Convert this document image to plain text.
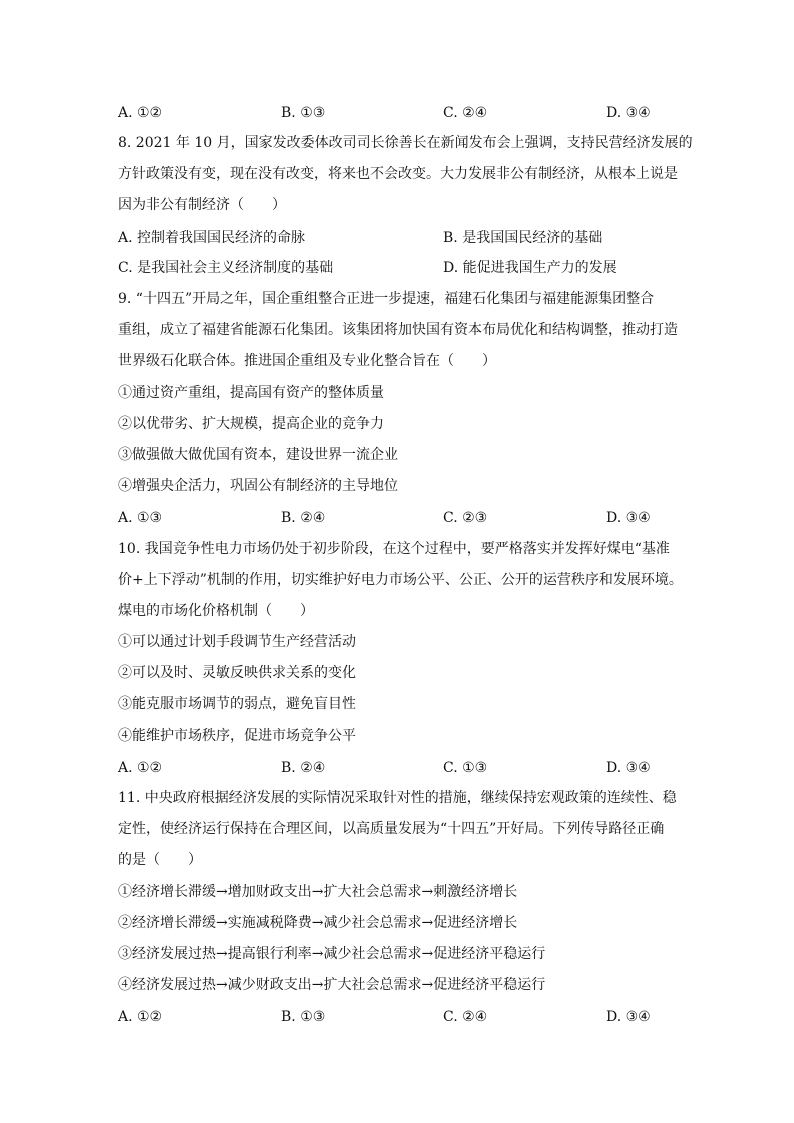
A. ①②	B. ①③	C. ②④	D. ③④
8. 2021 年 10 月，国家发改委体改司司长徐善长在新闻发布会上强调，支持民营经济发展的
方针政策没有变，现在没有改变，将来也不会改变。大力发展非公有制经济，从根本上说是
因为非公有制经济（　　）
A. 控制着我国国民经济的命脉	B. 是我国国民经济的基础
C. 是我国社会主义经济制度的基础	D. 能促进我国生产力的发展
9. “十四五”开局之年，国企重组整合正进一步提速，福建石化集团与福建能源集团整合
重组，成立了福建省能源石化集团。该集团将加快国有资本布局优化和结构调整，推动打造
世界级石化联合体。推进国企重组及专业化整合旨在（　　）
①通过资产重组，提高国有资产的整体质量
②以优带劣、扩大规模，提高企业的竞争力
③做强做大做优国有资本，建设世界一流企业
④增强央企活力，巩固公有制经济的主导地位
A. ①③	B. ②④	C. ②③	D. ③④
10. 我国竞争性电力市场仍处于初步阶段，在这个过程中，要严格落实并发挥好煤电“基准
价+上下浮动”机制的作用，切实维护好电力市场公平、公正、公开的运营秩序和发展环境。
煤电的市场化价格机制（　　）
①可以通过计划手段调节生产经营活动
②可以及时、灵敏反映供求关系的变化
③能克服市场调节的弱点，避免盲目性
④能维护市场秩序，促进市场竞争公平
A. ①②	B. ②④	C. ①③	D. ③④
11. 中央政府根据经济发展的实际情况采取针对性的措施，继续保持宏观政策的连续性、稳
定性，使经济运行保持在合理区间，以高质量发展为“十四五”开好局。下列传导路径正确
的是（　　）
①经济增长滞缓→增加财政支出→扩大社会总需求→刺激经济增长
②经济增长滞缓→实施减税降费→减少社会总需求→促进经济增长
③经济发展过热→提高银行利率→减少社会总需求→促进经济平稳运行
④经济发展过热→减少财政支出→扩大社会总需求→促进经济平稳运行
A. ①②	B. ①③	C. ②④	D. ③④
